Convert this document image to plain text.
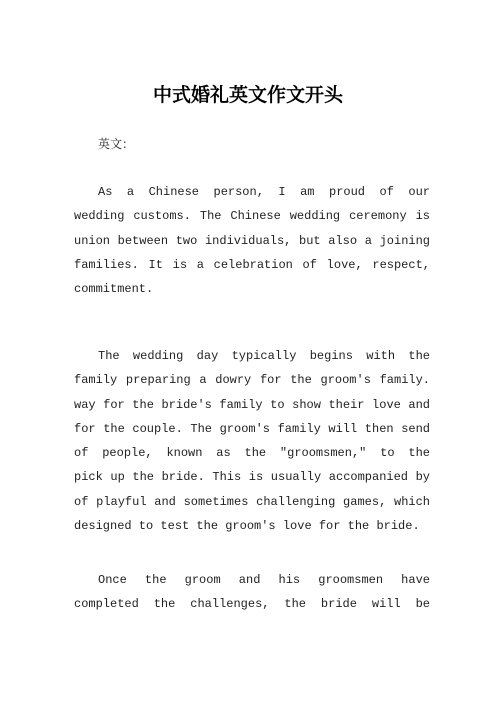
中式婚礼英文作文开头

英文：

As a Chinese person, I am proud of our
wedding customs. The Chinese wedding ceremony is
union between two individuals, but also a joining
families. It is a celebration of love, respect,
commitment.
The wedding day typically begins with the
family preparing a dowry for the groom's family.
way for the bride's family to show their love and
for the couple. The groom's family will then send
of people, known as the "groomsmen," to the
pick up the bride. This is usually accompanied by
of playful and sometimes challenging games, which
designed to test the groom's love for the bride.
Once the groom and his groomsmen have
completed the challenges, the bride will be
